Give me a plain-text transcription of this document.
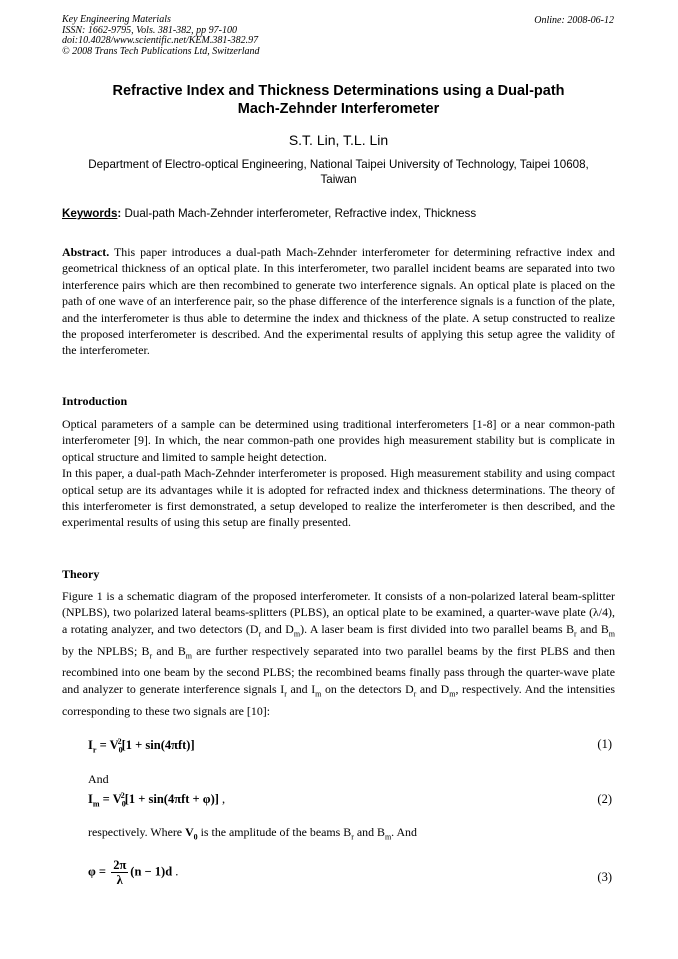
Key Engineering Materials
ISSN: 1662-9795, Vols. 381-382, pp 97-100
doi:10.4028/www.scientific.net/KEM.381-382.97
© 2008 Trans Tech Publications Ltd, Switzerland
Online: 2008-06-12
Refractive Index and Thickness Determinations using a Dual-path
Mach-Zehnder Interferometer
S.T. Lin, T.L. Lin
Department of Electro-optical Engineering, National Taipei University of Technology, Taipei 10608,
Taiwan
Keywords: Dual-path Mach-Zehnder interferometer, Refractive index, Thickness
Abstract. This paper introduces a dual-path Mach-Zehnder interferometer for determining refractive index and geometrical thickness of an optical plate. In this interferometer, two parallel incident beams are separated into two interference pairs which are then recombined to generate two interference signals. An optical plate is placed on the path of one wave of an interference pair, so the phase difference of the interference signals is a function of the plate, and the interferometer is thus able to determine the index and thickness of the plate. A setup constructed to realize the proposed interferometer is described. And the experimental results of applying this setup agree the validity of the interferometer.
Introduction
Optical parameters of a sample can be determined using traditional interferometers [1-8] or a near common-path interferometer [9]. In which, the near common-path one provides high measurement stability but is complicate in optical structure and limited to sample height detection.
In this paper, a dual-path Mach-Zehnder interferometer is proposed. High measurement stability and using compact optical setup are its advantages while it is adopted for refracted index and thickness determinations. The theory of this interferometer is first demonstrated, a setup developed to realize the interferometer is then described, and the experimental results of using this setup are finally presented.
Theory
Figure 1 is a schematic diagram of the proposed interferometer. It consists of a non-polarized lateral beam-splitter (NPLBS), two polarized lateral beams-splitters (PLBS), an optical plate to be examined, a quarter-wave plate (λ/4), a rotating analyzer, and two detectors ($D_r$ and $D_m$). A laser beam is first divided into two parallel beams $B_r$ and $B_m$ by the NPLBS; $B_r$ and $B_m$ are further respectively separated into two parallel beams by the first PLBS and then recombined into one beam by the second PLBS; the recombined beams finally pass through the quarter-wave plate and analyzer to generate interference signals $I_r$ and $I_m$ on the detectors $D_r$ and $D_m$, respectively. And the intensities corresponding to these two signals are [10]:
$I_r = V_0^2[1 + \sin(4\pi ft)]$	(1)
And
$I_m = V_0^2[1 + \sin(4\pi ft + \varphi)]$ ,	(2)
respectively. Where $V_0$ is the amplitude of the beams $B_r$ and $B_m$. And
$\varphi = \frac{2\pi}{\lambda} (n - 1)d$ .	(3)
